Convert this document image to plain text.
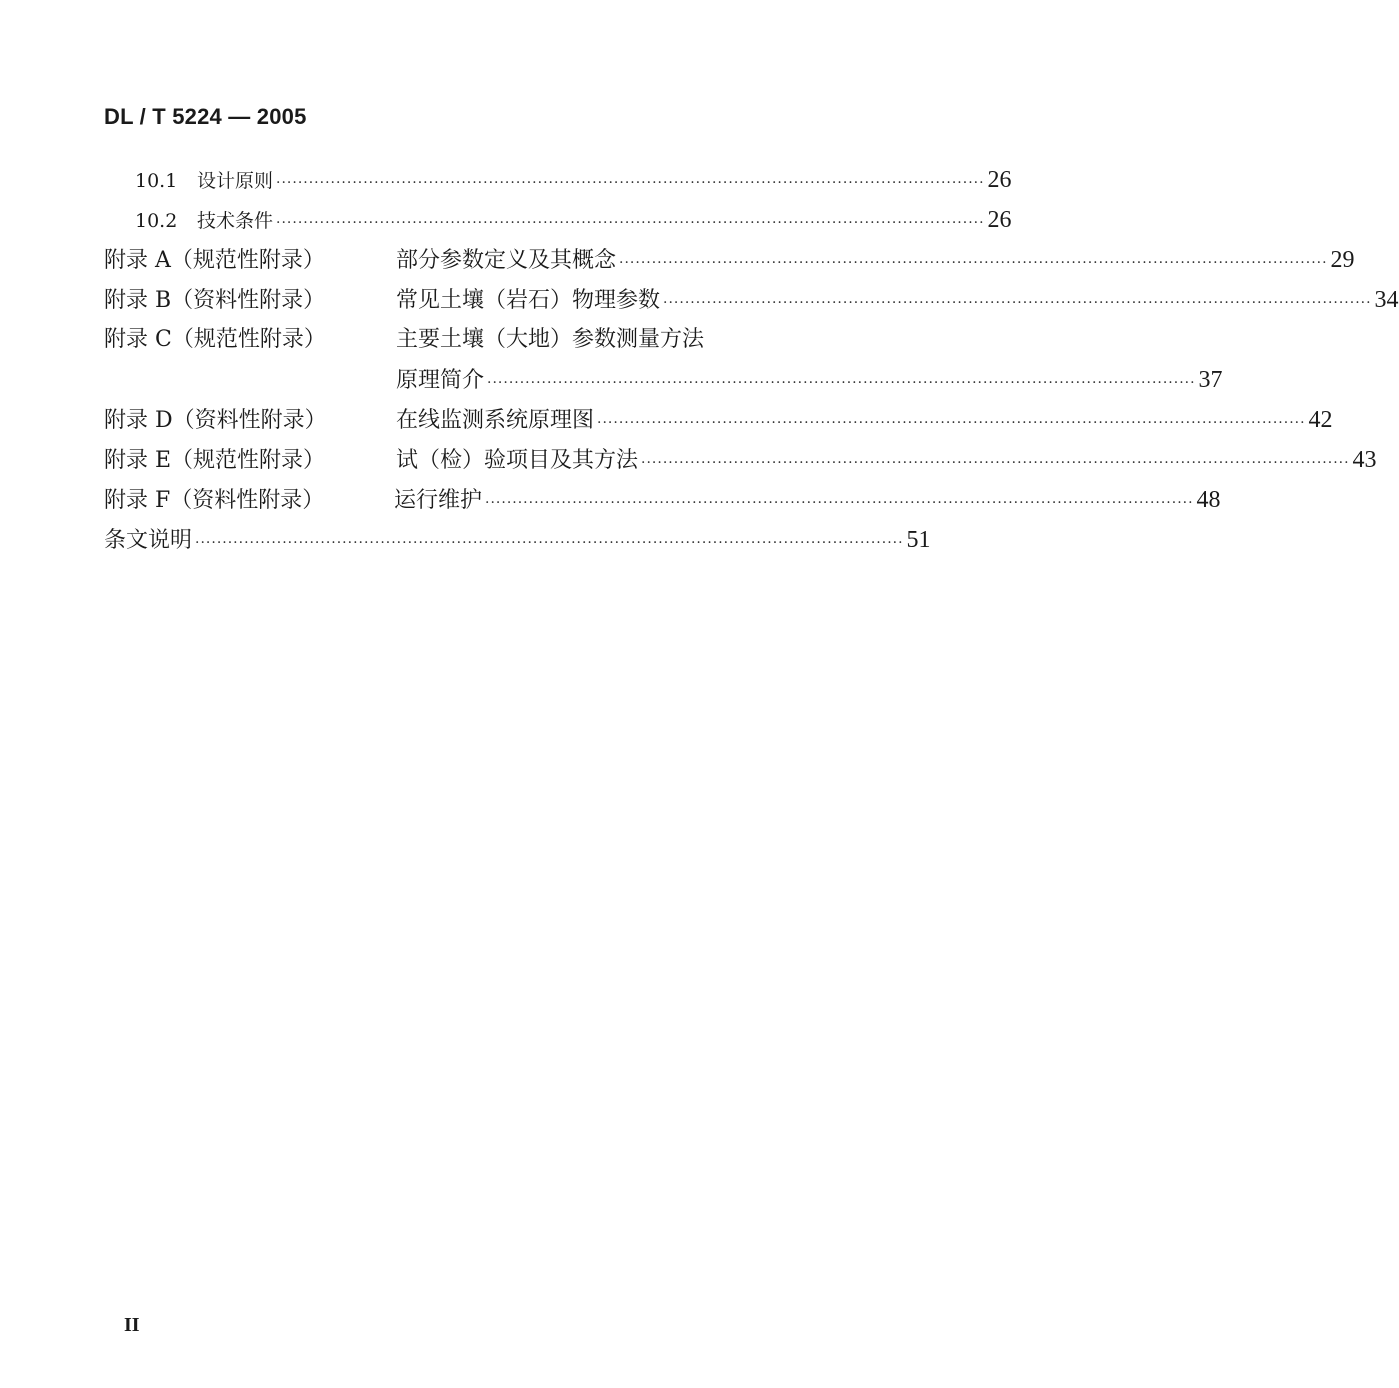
DL / T 5224 — 2005
10.1	设计原则 ·································································································································· 26
10.2	技术条件 ·································································································································· 26
附录 A（规范性附录）	部分参数定义及其概念 ·································································································································· 29
附录 B（资料性附录）	常见土壤（岩石）物理参数 ·································································································································· 34
附录 C（规范性附录）	主要土壤（大地）参数测量方法
原理简介 ·································································································································· 37
附录 D（资料性附录）	在线监测系统原理图 ·································································································································· 42
附录 E（规范性附录）	试（检）验项目及其方法 ·································································································································· 43
附录 F（资料性附录）	运行维护 ·································································································································· 48
条文说明 ·································································································································· 51
II
